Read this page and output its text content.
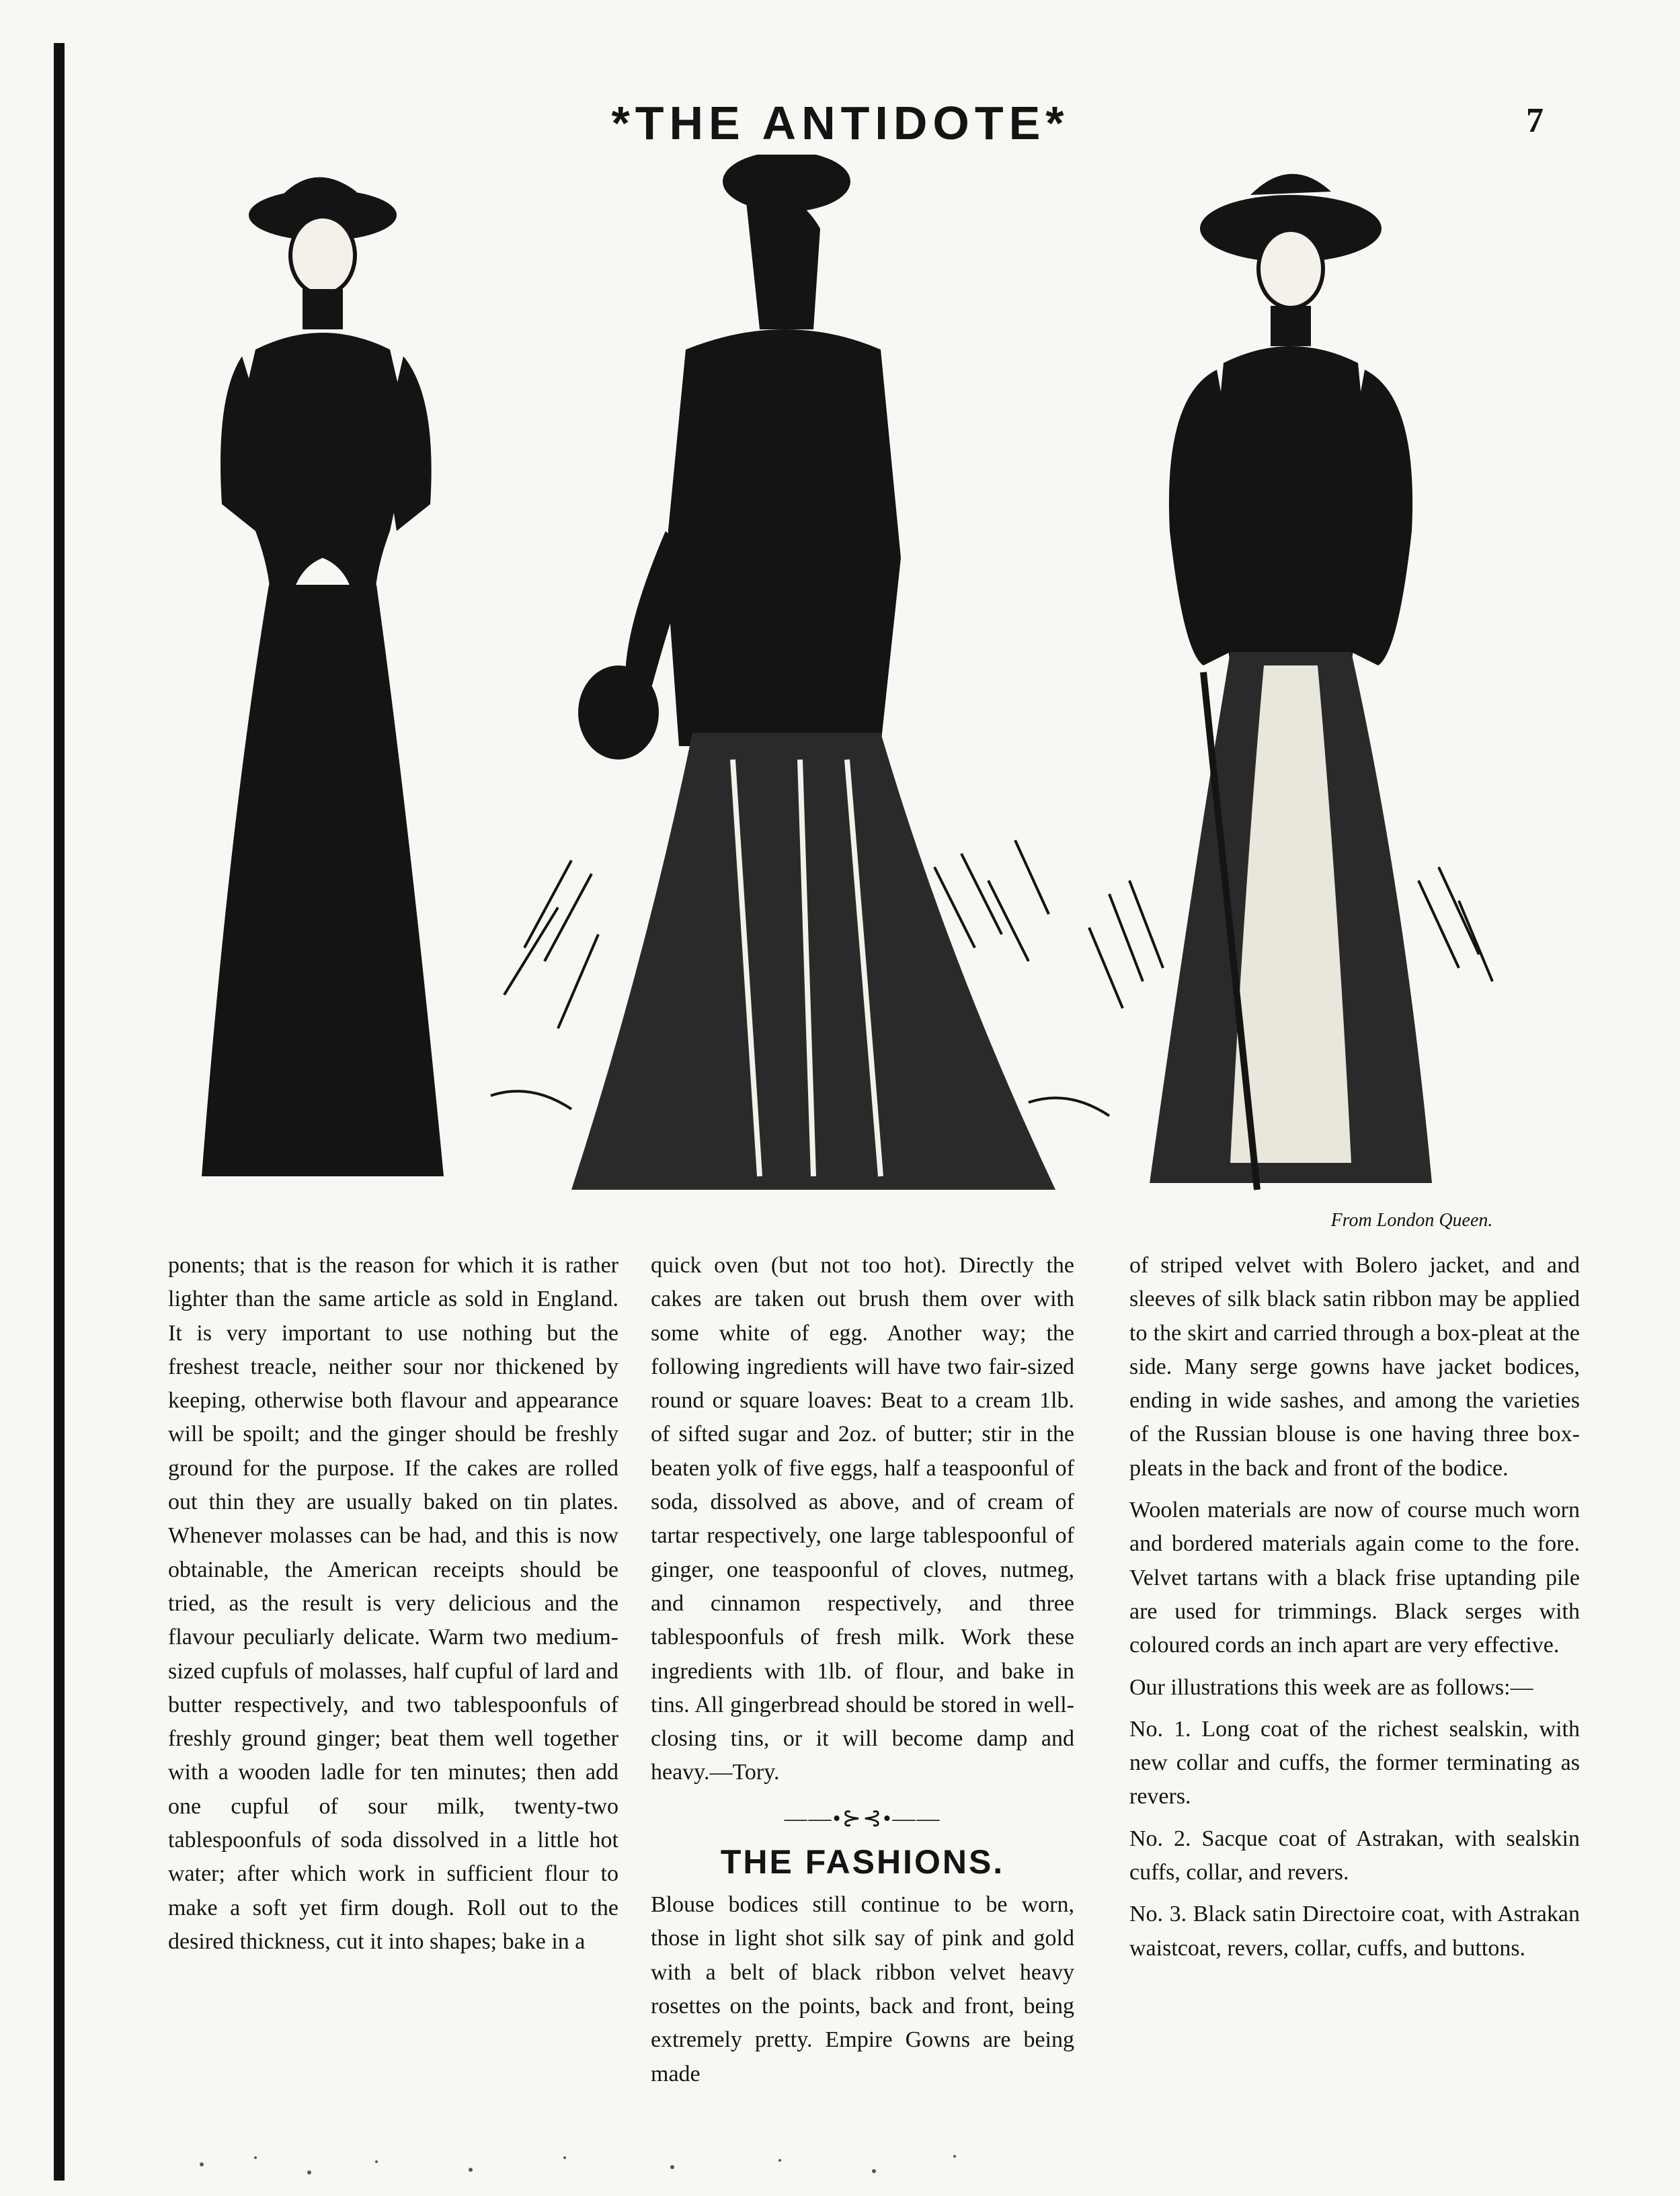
*THE ANTIDOTE*	7
From London Queen.

ponents; that is the reason for which it is rather lighter than the same article as sold in England. It is very important to use nothing but the freshest treacle, neither sour nor thickened by keeping, otherwise both flavour and appearance will be spoilt; and the ginger should be freshly ground for the purpose. If the cakes are rolled out thin they are usually baked on tin plates. Whenever molasses can be had, and this is now obtainable, the American receipts should be tried, as the result is very delicious and the flavour peculiarly delicate. Warm two medium-sized cupfuls of molasses, half cupful of lard and butter respectively, and two tablespoonfuls of freshly ground ginger; beat them well together with a wooden ladle for ten minutes; then add one cupful of sour milk, twenty-two tablespoonfuls of soda dissolved in a little hot water; after which work in sufficient flour to make a soft yet firm dough. Roll out to the desired thickness, cut it into shapes; bake in a

quick oven (but not too hot). Directly the cakes are taken out brush them over with some white of egg. Another way; the following ingredients will have two fair-sized round or square loaves: Beat to a cream 1lb. of sifted sugar and 2oz. of butter; stir in the beaten yolk of five eggs, half a teaspoonful of soda, dissolved as above, and of cream of tartar respectively, one large tablespoonful of ginger, one teaspoonful of cloves, nutmeg, and cinnamon respectively, and three tablespoonfuls of fresh milk. Work these ingredients with 1lb. of flour, and bake in tins. All gingerbread should be stored in well-closing tins, or it will become damp and heavy.—Tory.

——•⊱⊰•——
THE FASHIONS.

Blouse bodices still continue to be worn, those in light shot silk say of pink and gold with a belt of black ribbon velvet heavy rosettes on the points, back and front, being extremely pretty. Empire Gowns are being made

of striped velvet with Bolero jacket, and and sleeves of silk black satin ribbon may be applied to the skirt and carried through a box-pleat at the side. Many serge gowns have jacket bodices, ending in wide sashes, and among the varieties of the Russian blouse is one having three box-pleats in the back and front of the bodice.

Woolen materials are now of course much worn and bordered materials again come to the fore. Velvet tartans with a black frise uptanding pile are used for trimmings. Black serges with coloured cords an inch apart are very effective.

Our illustrations this week are as follows:—

No. 1. Long coat of the richest sealskin, with new collar and cuffs, the former terminating as revers.

No. 2. Sacque coat of Astrakan, with sealskin cuffs, collar, and revers.

No. 3. Black satin Directoire coat, with Astrakan waistcoat, revers, collar, cuffs, and buttons.
